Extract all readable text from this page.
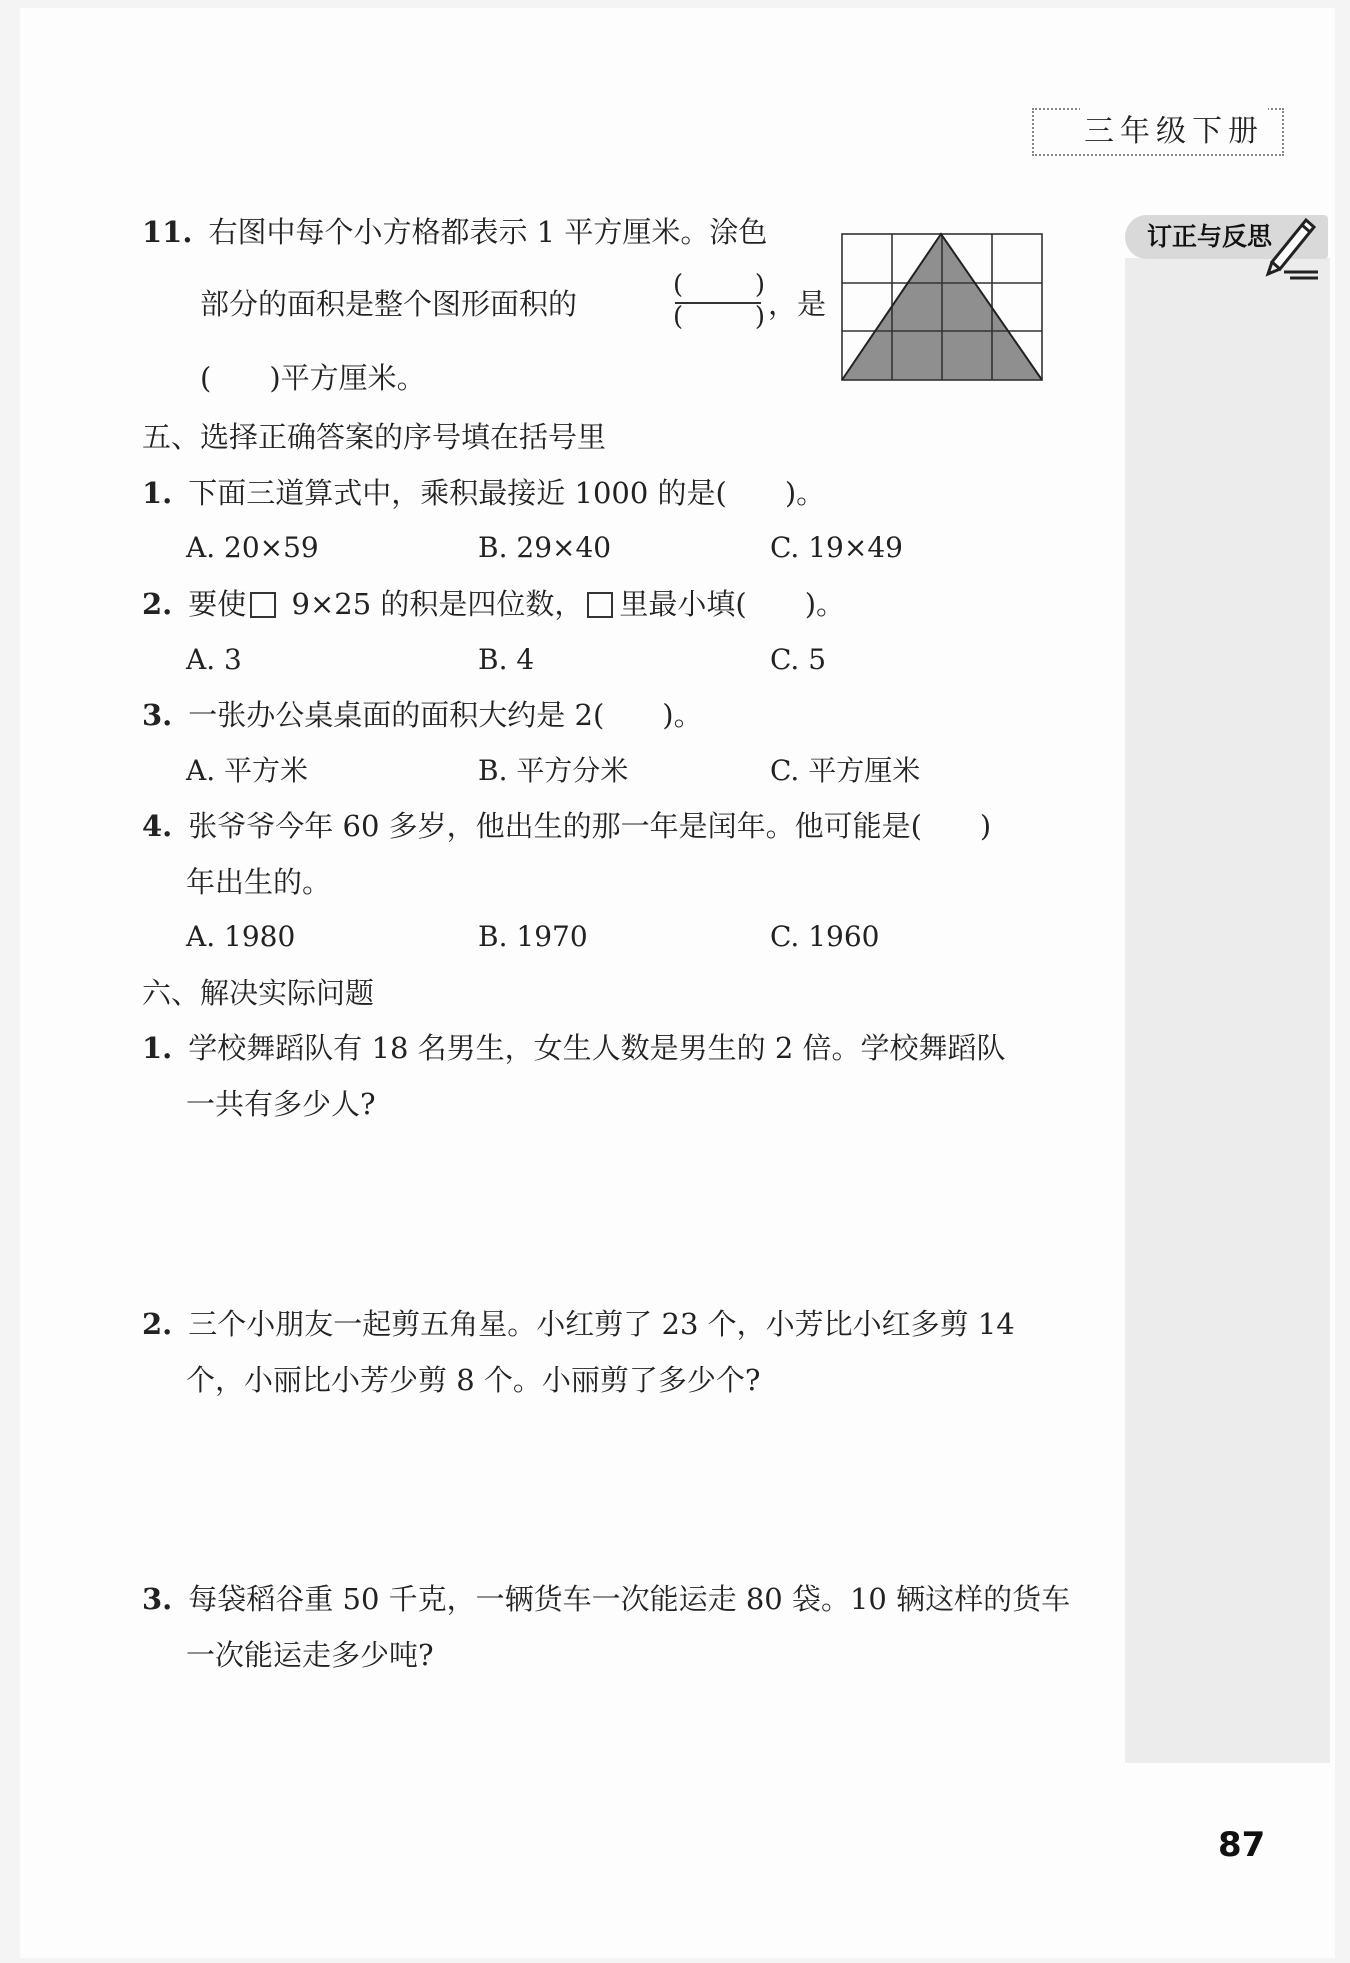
三年级下册
订正与反思
11. 右图中每个小方格都表示 1 平方厘米。涂色
部分的面积是整个图形面积的
(	)
(	) ，是
(　　)平方厘米。
五、选择正确答案的序号填在括号里
1. 下面三道算式中，乘积最接近 1000 的是(　　)。
A. 20×59	B. 29×40	C. 19×49
2. 要使 9×25 的积是四位数， 里最小填(　　)。
A. 3	B. 4	C. 5
3. 一张办公桌桌面的面积大约是 2(　　)。
A. 平方米	B. 平方分米	C. 平方厘米
4. 张爷爷今年 60 多岁，他出生的那一年是闰年。他可能是(　　)
年出生的。
A. 1980	B. 1970	C. 1960
六、解决实际问题
1. 学校舞蹈队有 18 名男生，女生人数是男生的 2 倍。学校舞蹈队
一共有多少人?
2. 三个小朋友一起剪五角星。小红剪了 23 个，小芳比小红多剪 14
个，小丽比小芳少剪 8 个。小丽剪了多少个?
3. 每袋稻谷重 50 千克，一辆货车一次能运走 80 袋。10 辆这样的货车
一次能运走多少吨?
87
